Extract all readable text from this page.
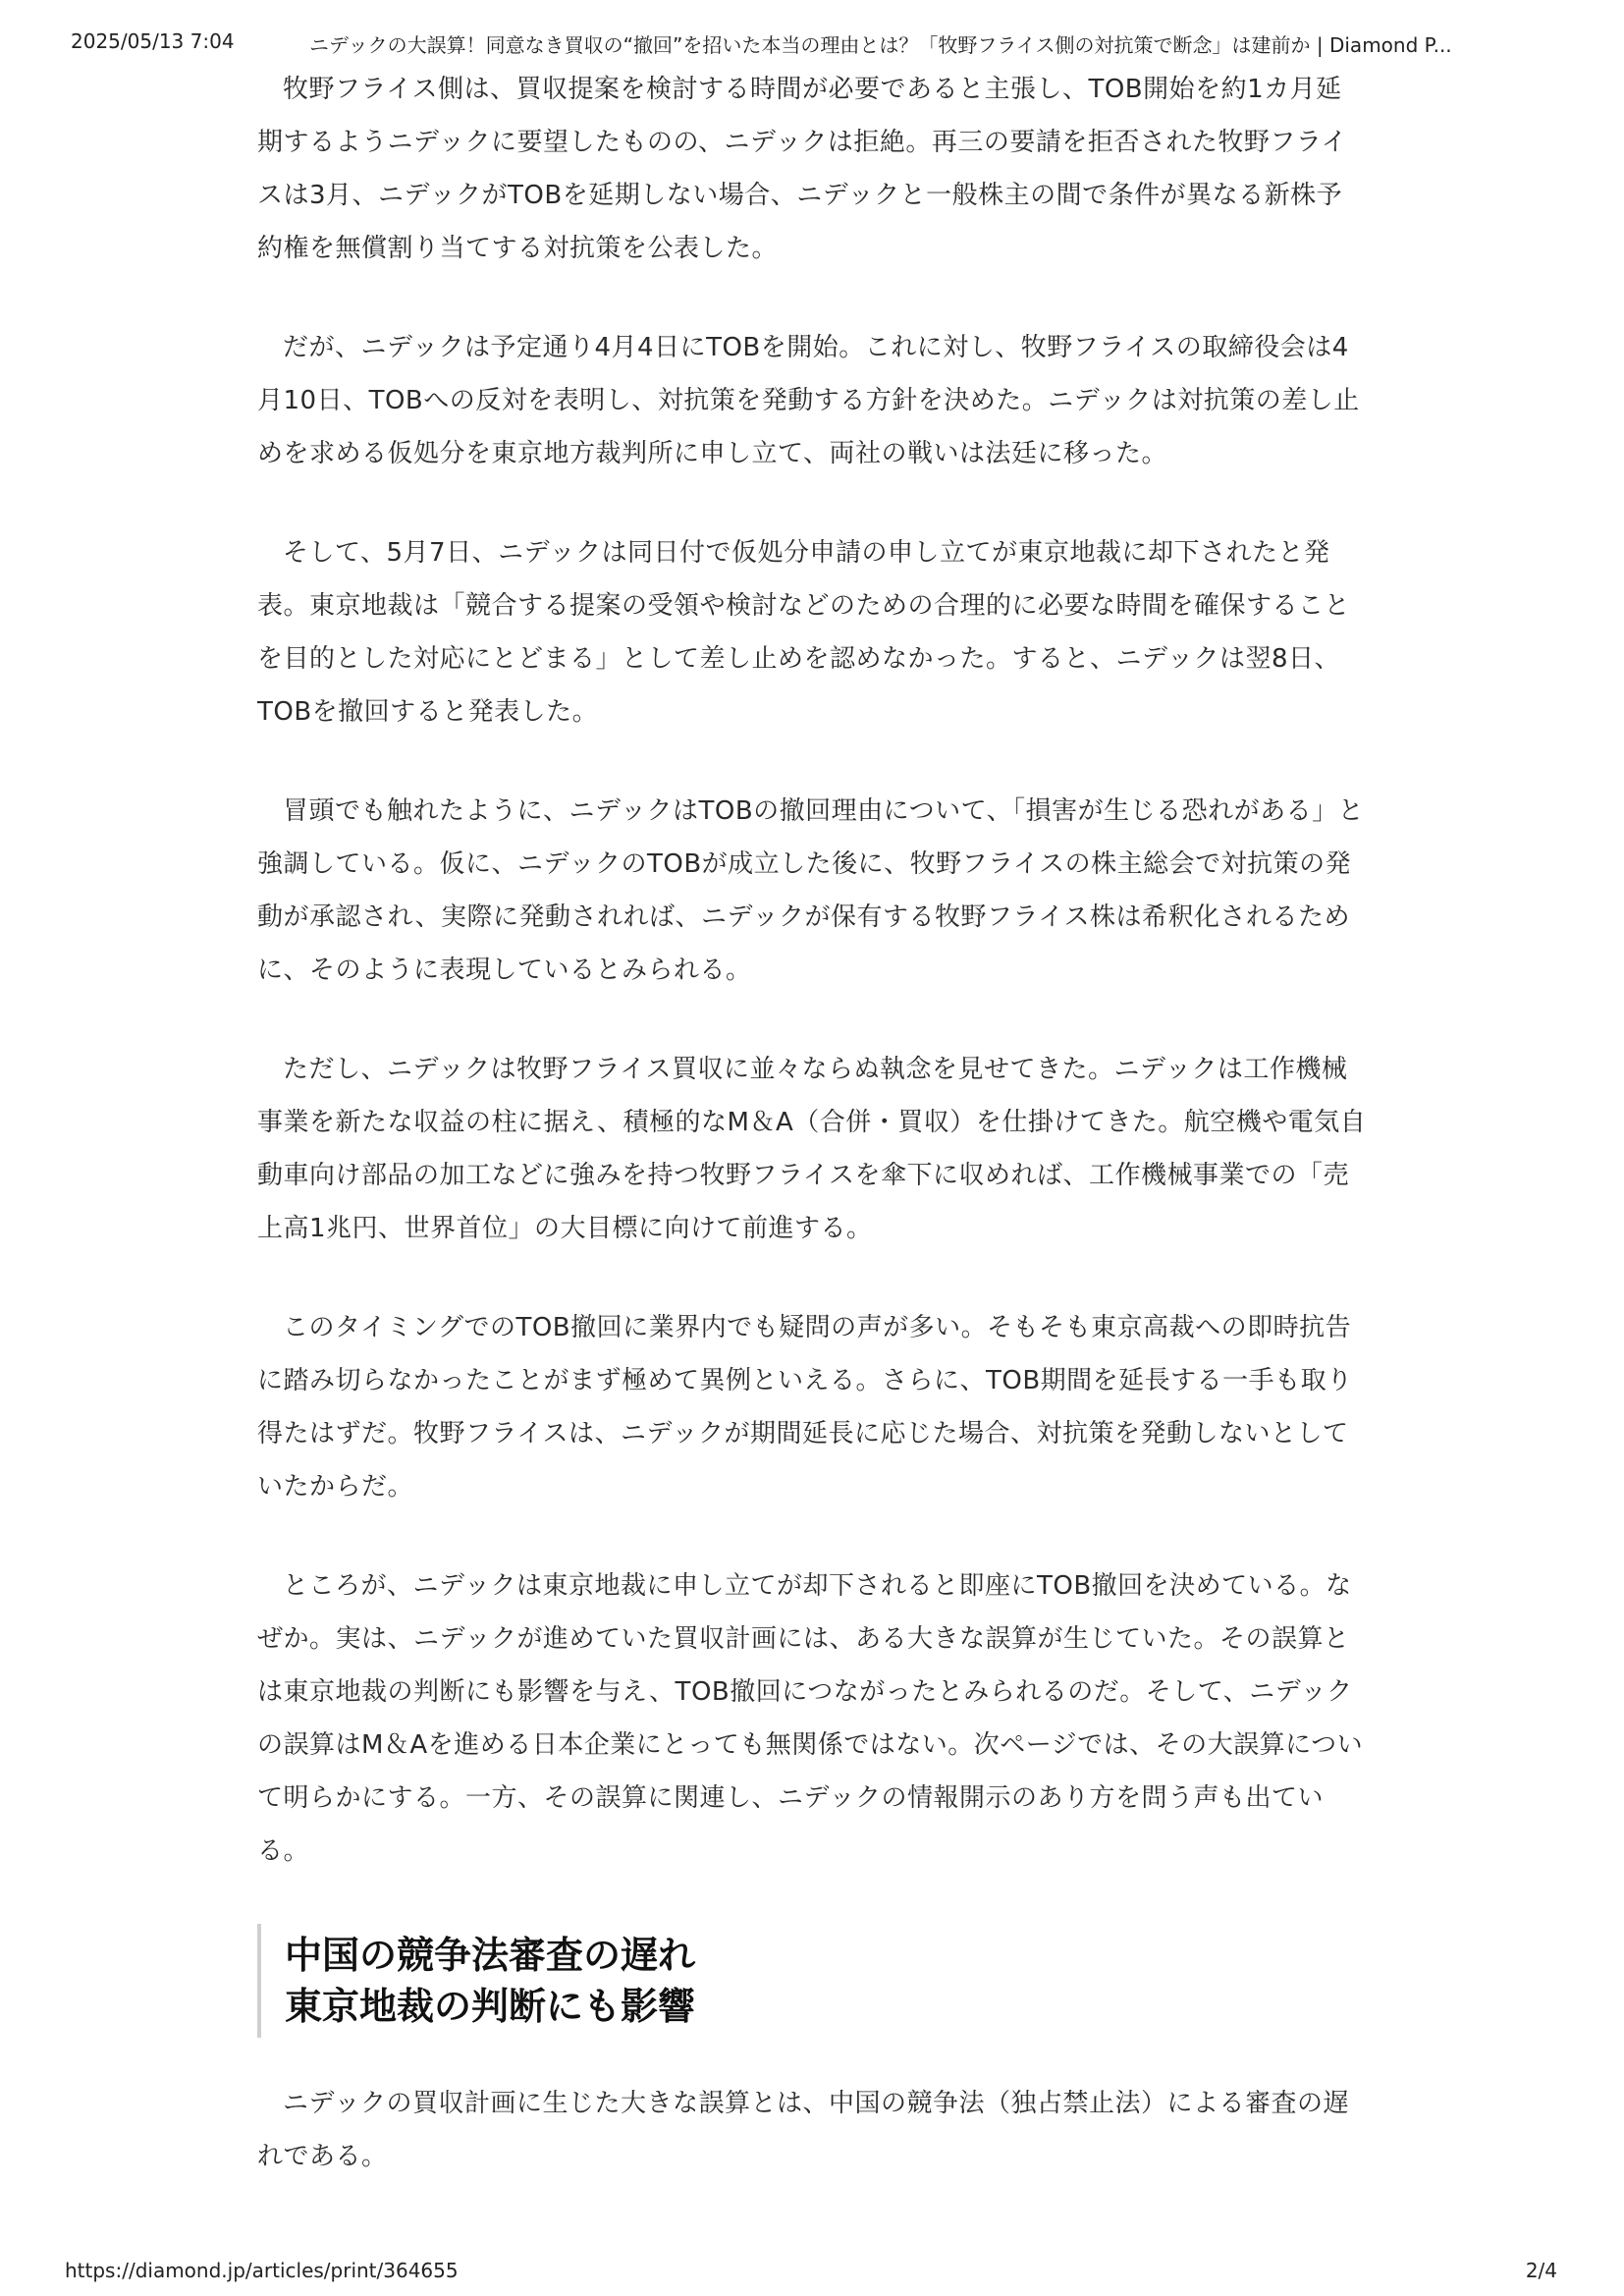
2025/05/13 7:04	ニデックの大誤算！同意なき買収の“撤回”を招いた本当の理由とは？「牧野フライス側の対抗策で断念」は建前か | Diamond P...

牧野フライス側は、買収提案を検討する時間が必要であると主張し、TOB開始を約1カ月延期するようニデックに要望したものの、ニデックは拒絶。再三の要請を拒否された牧野フライスは3月、ニデックがTOBを延期しない場合、ニデックと一般株主の間で条件が異なる新株予約権を無償割り当てする対抗策を公表した。

だが、ニデックは予定通り4月4日にTOBを開始。これに対し、牧野フライスの取締役会は4月10日、TOBへの反対を表明し、対抗策を発動する方針を決めた。ニデックは対抗策の差し止めを求める仮処分を東京地方裁判所に申し立て、両社の戦いは法廷に移った。

そして、5月7日、ニデックは同日付で仮処分申請の申し立てが東京地裁に却下されたと発表。東京地裁は「競合する提案の受領や検討などのための合理的に必要な時間を確保することを目的とした対応にとどまる」として差し止めを認めなかった。すると、ニデックは翌8日、TOBを撤回すると発表した。

冒頭でも触れたように、ニデックはTOBの撤回理由について、「損害が生じる恐れがある」と強調している。仮に、ニデックのTOBが成立した後に、牧野フライスの株主総会で対抗策の発動が承認され、実際に発動されれば、ニデックが保有する牧野フライス株は希釈化されるために、そのように表現しているとみられる。

ただし、ニデックは牧野フライス買収に並々ならぬ執念を見せてきた。ニデックは工作機械事業を新たな収益の柱に据え、積極的なM＆A（合併・買収）を仕掛けてきた。航空機や電気自動車向け部品の加工などに強みを持つ牧野フライスを傘下に収めれば、工作機械事業での「売上高1兆円、世界首位」の大目標に向けて前進する。

このタイミングでのTOB撤回に業界内でも疑問の声が多い。そもそも東京高裁への即時抗告に踏み切らなかったことがまず極めて異例といえる。さらに、TOB期間を延長する一手も取り得たはずだ。牧野フライスは、ニデックが期間延長に応じた場合、対抗策を発動しないとしていたからだ。

ところが、ニデックは東京地裁に申し立てが却下されると即座にTOB撤回を決めている。なぜか。実は、ニデックが進めていた買収計画には、ある大きな誤算が生じていた。その誤算とは東京地裁の判断にも影響を与え、TOB撤回につながったとみられるのだ。そして、ニデックの誤算はM＆Aを進める日本企業にとっても無関係ではない。次ページでは、その大誤算について明らかにする。一方、その誤算に関連し、ニデックの情報開示のあり方を問う声も出ている。

中国の競争法審査の遅れ
東京地裁の判断にも影響

ニデックの買収計画に生じた大きな誤算とは、中国の競争法（独占禁止法）による審査の遅れである。

https://diamond.jp/articles/print/364655	2/4
